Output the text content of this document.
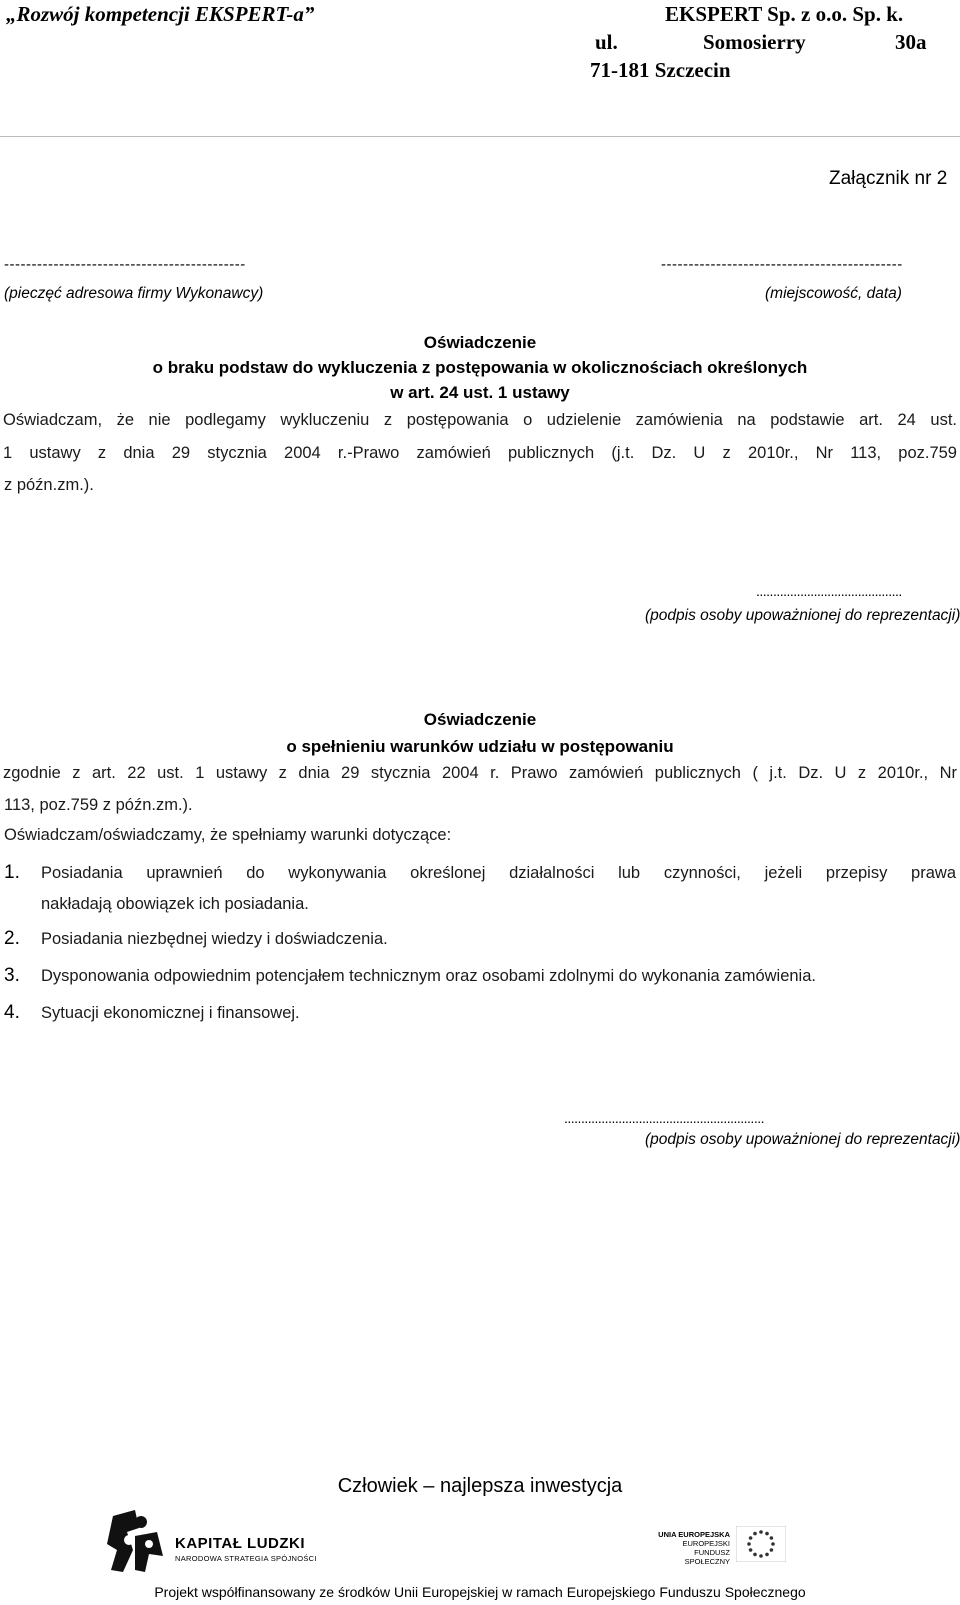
„Rozwój kompetencji EKSPERT-a”	EKSPERT Sp. z o.o. Sp. k.
ul.	Somosierry	30a
71-181 Szczecin
Załącznik nr 2
--------------------------------------------	--------------------------------------------
(pieczęć adresowa firmy Wykonawcy)	(miejscowość, data)
Oświadczenie
o braku podstaw do wykluczenia z postępowania w okolicznościach określonych
w art. 24 ust. 1 ustawy
Oświadczam, że nie podlegamy wykluczeniu z postępowania o udzielenie zamówienia na podstawie art. 24 ust.
1 ustawy z dnia 29 stycznia 2004 r.-Prawo zamówień publicznych (j.t. Dz. U z 2010r., Nr 113, poz.759
z późn.zm.).
...........................................
(podpis osoby upoważnionej do reprezentacji)
Oświadczenie
o spełnieniu warunków udziału w postępowaniu
zgodnie z art. 22 ust. 1 ustawy z dnia 29 stycznia 2004 r. Prawo zamówień publicznych ( j.t. Dz. U z 2010r., Nr
113, poz.759 z późn.zm.).
Oświadczam/oświadczamy, że spełniamy warunki dotyczące:
1. Posiadania uprawnień do wykonywania określonej działalności lub czynności, jeżeli przepisy prawa
nakładają obowiązek ich posiadania.
2. Posiadania niezbędnej wiedzy i doświadczenia.
3. Dysponowania odpowiednim potencjałem technicznym oraz osobami zdolnymi do wykonania zamówienia.
4. Sytuacji ekonomicznej i finansowej.
...........................................................
(podpis osoby upoważnionej do reprezentacji)
Człowiek – najlepsza inwestycja
KAPITAŁ LUDZKI
NARODOWA STRATEGIA SPÓJNOŚCI
UNIA EUROPEJSKA
EUROPEJSKI
FUNDUSZ SPOŁECZNY
Projekt współfinansowany ze środków Unii Europejskiej w ramach Europejskiego Funduszu Społecznego
